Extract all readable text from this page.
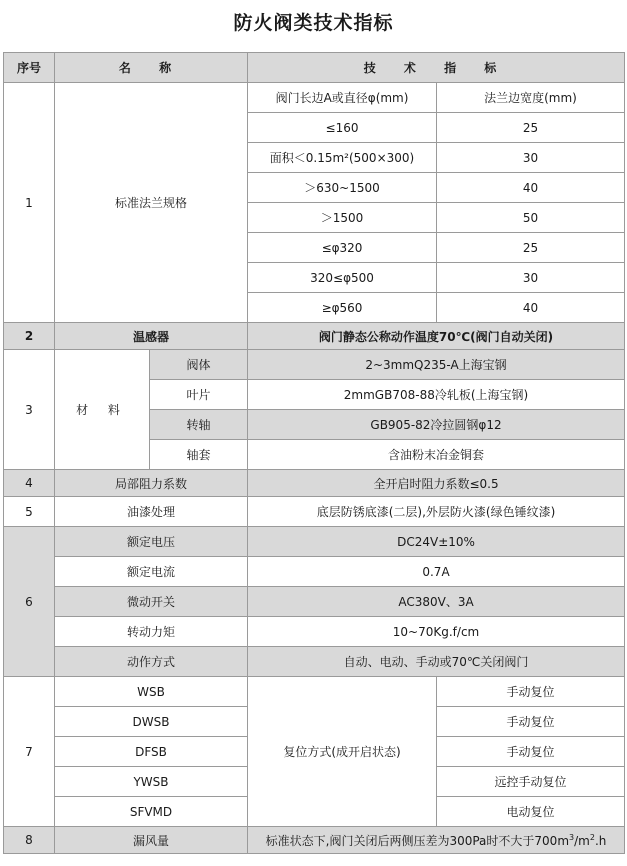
防火阀类技术指标
序号	名 称		技 术 指 标	
1	标准法兰规格		阀门长边A或直径φ(mm)	法兰边宽度(mm)
			≤160	25
			面积＜0.15m²(500×300)	30
			＞630~1500	40
			＞1500	50
			≤φ320	25
			320≤φ500	30
			≥φ560	40
2	温感器		阀门静态公称动作温度70℃(阀门自动关闭)	
3	材 料	阀体	2~3mmQ235-A上海宝钢	
		叶片	2mmGB708-88冷轧板(上海宝钢)	
		转轴	GB905-82冷拉圆钢φ12	
		轴套	含油粉末冶金铜套	
4	局部阻力系数		全开启时阻力系数≤0.5	
5	油漆处理		底层防锈底漆(二层),外层防火漆(绿色锤纹漆)	
6	额定电压		DC24V±10%	
	额定电流		0.7A	
	微动开关		AC380V、3A	
	转动力矩		10~70Kg.f/cm	
	动作方式		自动、电动、手动或70℃关闭阀门	
7	WSB		复位方式(成开启状态)	手动复位
	DWSB			手动复位
	DFSB			手动复位
	YWSB			远控手动复位
	SFVMD			电动复位
8	漏风量		标准状态下,阀门关闭后两侧压差为300Pa时不大于$700m^3/m^2.h$	
